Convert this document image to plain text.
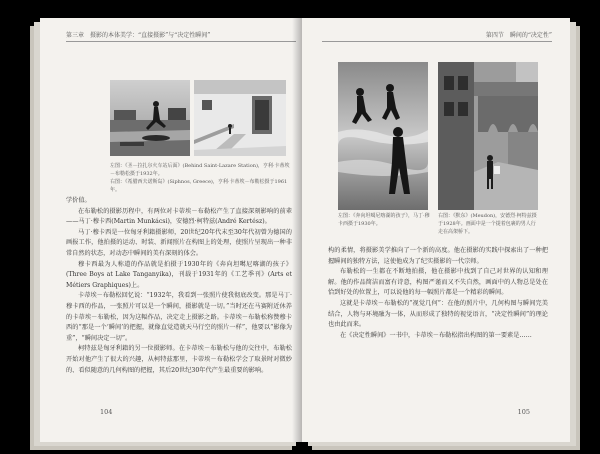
第三章　摄影的本体美学：“直接摄影”与“决定性瞬间”
左图：《圣－拉扎尔火车站后面》(Behind Saint-Lazare Station)，亨利·卡蒂埃－布勒松摄于1932年。
右图：《希腊西夫诺斯岛》(Siphnos, Greece)，亨利·卡蒂埃－布勒松摄于1961年。

学价值。

在布勒松的摄影历程中，有两位对卡蒂埃－布勒松产生了直接深刻影响的前辈——马丁·穆卡西(Martin Munkácsi)，安德烈·柯特兹(André Kertész)。

马丁·穆卡西是一位匈牙利籍摄影师，20世纪20年代末至30年代初曾为德国的画报工作，他拍摄的运动、时装、新闻照片在构图上的处理，使照片呈现出一种非常自然的状态，对动态中瞬间的美有深刻的体会。

穆卡西最为人称道的作品就是拍摄于1930年的《奔向坦噶尼喀湖的孩子》(Three Boys at Lake Tanganyika)，刊载于1931年的《工艺季刊》(Arts et Métiers Graphiques)上。

卡蒂埃－布勒松回忆说：“1932年，我看到一张照片使我彻底改变。那是马丁·穆卡西的作品，一张照片可以是一个瞬间，摄影就是一切。”当时还在马赛附近休养的卡蒂埃－布勒松，因为这幅作品，决定走上摄影之路。卡蒂埃－布勒松称赞穆卡西的“那是一个‘瞬间’的把握，就像直觉造就天马行空的照片一样”，他要以“影像为重”，“瞬间决定一切”。

柯特兹是匈牙利籍的另一位摄影师。在卡蒂埃－布勒松与他的交往中，布勒松开始对他产生了很大的兴趣，从柯特兹那里，卡蒂埃－布勒松学会了取景时对微妙的、看似随意的几何构图的把握，其后20世纪30年代产生最重要的影响。

104
第四节　瞬间的“决定性”
左图：《奔向坦噶尼喀湖的孩子》，马丁·穆卡西摄于1930年。
右图：《默东》(Meudon)，安德烈·柯特兹摄于1928年。画面中是一个提着包裹的男人行走在高架桥下。

构的柔情，将摄影美学推向了一个新的高度。他在摄影的实践中探索出了一种把握瞬间的独特方法，这使他成为了纪实摄影的一代宗师。

布勒松的一生都在不断地拍摄，他在摄影中找到了自己对世界的认知和理解。他的作品简洁而富有诗意，构图严谨而又不失自然，画面中的人物总是处在恰到好处的位置上，可以说他的每一幅照片都是一个精彩的瞬间。

这就是卡蒂埃－布勒松的“视觉几何”：在他的照片中，几何构图与瞬间完美结合，人物与环境融为一体，从而形成了独特的视觉语言，“决定性瞬间”的理论也由此而来。

在《决定性瞬间》一书中，卡蒂埃－布勒松指出构图的第一要素是……

105
